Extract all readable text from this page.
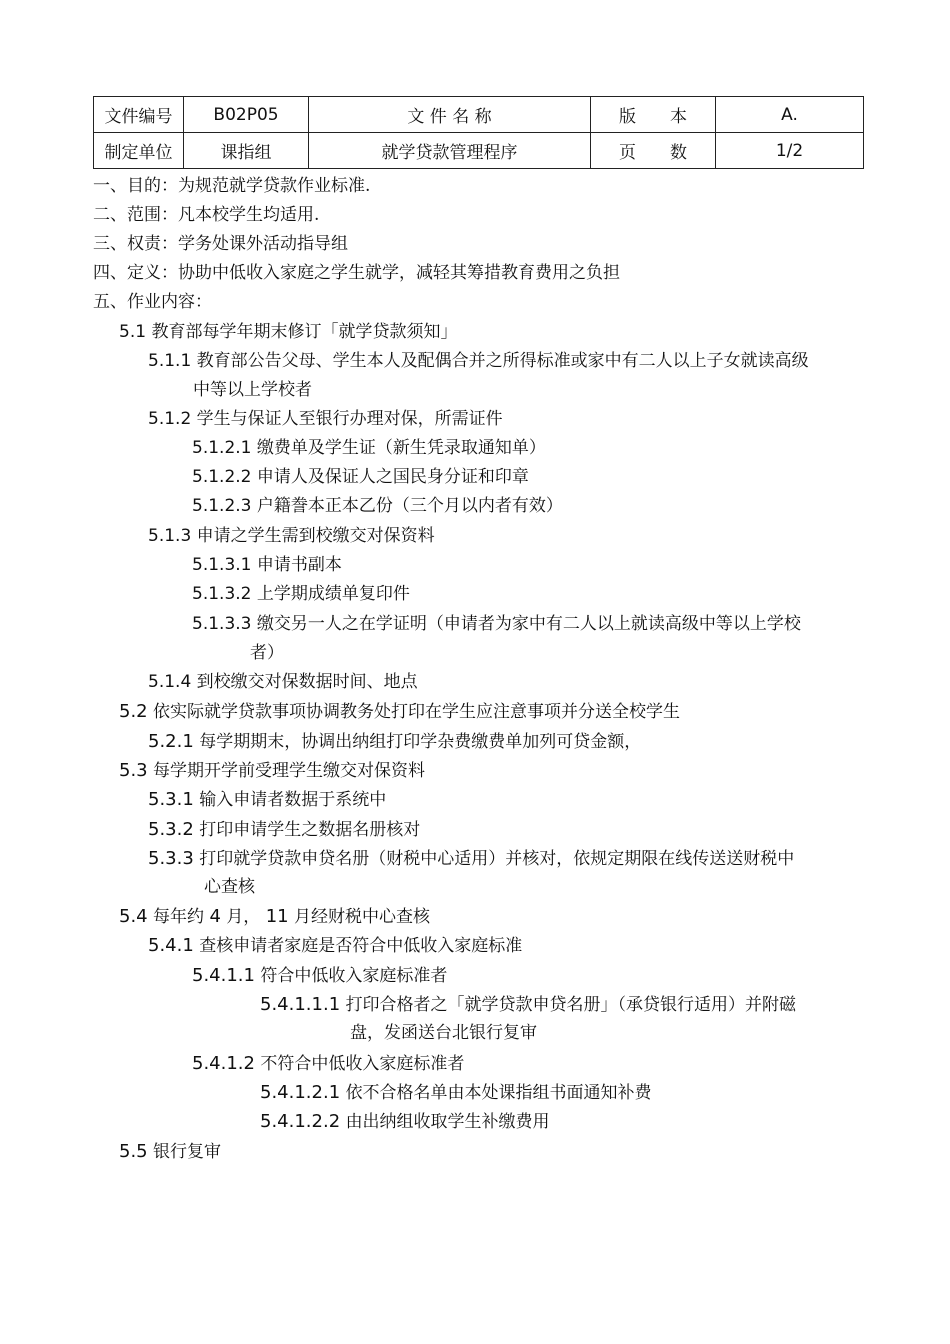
文件编号	B02P05	文 件 名 称	版　　本	A.
制定单位	课指组	就学贷款管理程序	页　　数	1/2
一、目的：为规范就学贷款作业标准.
二、范围：凡本校学生均适用.
三、权责：学务处课外活动指导组
四、定义：协助中低收入家庭之学生就学，减轻其筹措教育费用之负担
五、作业内容：
5.1 教育部每学年期末修订「就学贷款须知」
5.1.1 教育部公告父母、学生本人及配偶合并之所得标准或家中有二人以上子女就读高级
中等以上学校者
5.1.2 学生与保证人至银行办理对保，所需证件
5.1.2.1 缴费单及学生证（新生凭录取通知单）
5.1.2.2 申请人及保证人之国民身分证和印章
5.1.2.3 户籍誊本正本乙份（三个月以内者有效）
5.1.3 申请之学生需到校缴交对保资料
5.1.3.1 申请书副本
5.1.3.2 上学期成绩单复印件
5.1.3.3 缴交另一人之在学证明（申请者为家中有二人以上就读高级中等以上学校
者）
5.1.4 到校缴交对保数据时间、地点
5.2 依实际就学贷款事项协调教务处打印在学生应注意事项并分送全校学生
5.2.1 每学期期末，协调出纳组打印学杂费缴费单加列可贷金额，
5.3 每学期开学前受理学生缴交对保资料
5.3.1 输入申请者数据于系统中
5.3.2 打印申请学生之数据名册核对
5.3.3 打印就学贷款申贷名册（财税中心适用）并核对，依规定期限在线传送送财税中
心查核
5.4 每年约 4 月， 11 月经财税中心查核
5.4.1 查核申请者家庭是否符合中低收入家庭标准
5.4.1.1 符合中低收入家庭标准者
5.4.1.1.1 打印合格者之「就学贷款申贷名册」（承贷银行适用）并附磁
盘，发函送台北银行复审
5.4.1.2 不符合中低收入家庭标准者
5.4.1.2.1 依不合格名单由本处课指组书面通知补费
5.4.1.2.2 由出纳组收取学生补缴费用
5.5 银行复审
